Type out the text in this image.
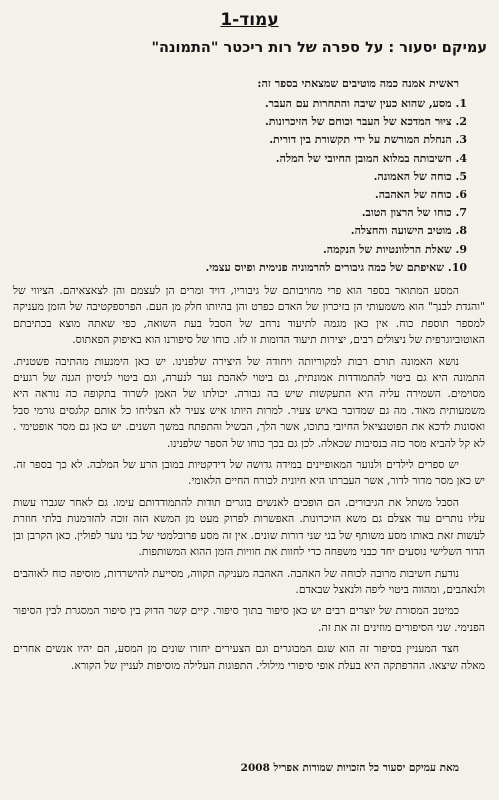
עמוד-1
עמיקם יסעור : על ספרה של רות ריכטר "התמונה"
ראשית אמנה כמה מוטיבים שמצאתי בספר זה:
1. מסע, שהוא כעין שיבה והתחרות עם העבר.
2. ציוּר המדכא של העבר וכוחם של הזיכרונות.
3. הנחלת המורשת על ידי תקשורת בין דורית.
4. חשיבותה במלוא המובן החיובי של המלה.
5. כוחה של האמונה.
6. כוחה של האהבה.
7. כוחו של הרצון הטוב.
8. מוטיב הישועה והחצלה.
9. שאלת הרלוונטיות של הנקמה.
10. שאיפתם של כמה גיבורים להרמוניה פנימית ופיוס עצמי.

המסע המתואר בספר הוא פרי מחויבותם של גיבוריו, דויד ומרים הן לעצמם והן לצאצאיהם. הציווי של "והגדת לבנך" הוא משמעותי הן בזיכרון של האדם כפרט והן בהיותו חלק מן העם. הפרספקטיבה של הזמן מעניקה למספר תוספת כוח. אין כאן מגמה לתיעוד נרחב של הסבל בעת השואה, כפי שאתה מוצא בכתיבתם האוטוביוגרפית של ניצולים רבים, יצירות תיעוד הדומות זו לזו. כוחו של סיפורנו הוא באיפוק הפאתוס.

נושא האמונה תורם רבות למקוריותה ויחודה של היצירה שלפנינו. יש כאן הימנעות מהתיבה פשטנית. התמונה היא גם ביטוי להתמודדות אמונתית, גם ביטוי לאהבת נער לנערה, וגם ביטוי לניסיון הגנה של רגעים מסוימים. השמירה עליה היא התעקשות שיש בה גבורה. יכולתו של האמן לשרוד בתקופה כה נוראה היא משמעותית מאוד. מה גם שמדובר באיש צעיר. למרות היותו איש צעיר לא הצליחו כל אותם קלגסים גורמי סבל ואסונות לדכא את הפוטנציאל החיובי בתוכו, אשר הלך, הבשיל והתפתח במשך השנים. יש כאן גם מסר אופטימי . לא קל להביא מסר כזה בנסיבות שכאלה. לכן גם בכך כוחו של הספר שלפנינו.

יש ספרים לילדים ולנוער המאופיינים במידה גדושה של דידקטיות במובן הרע של המלבה. לא כך בספר זה. יש כאן מסר מדור לדור, אשר העברתו היא חיונית לכורח החיים הלאומי.

הסבל משתל את הגיבורים. הם הופכים לאנשים בוגרים תודות להתמודדותם עימו. גם לאחר שגברו עשות עליו נותרים עוד אצלם גם משא הזיכרונות. האפשרות לפרוק מעט מן המשא הזה זוכה להזדמנות בלתי חוזרת לעשות זאת באותו מסע משותף של בני שני דורות שונים. אין זה מסע פרובלמטי של בני נוער לפולין. כאן הקרבן ובן הדור השלישי נוסעים יחד כבני משפחה כדי לחוות את חוויות הזמן ההוא המשותפות.

נודעת חשיבות מרובה לכוחה של האהבה. האהבה מעניקה תקווה, מסייעת להישרדות, מוסיפה כוח לאוהבים ולנאהבים, ומהווה ביטוי ליפה ולנאצל שבאדם.

כמיטב המסורת של יוצרים רבים יש כאן סיפור בתוך סיפור. קיים קשר הדוק בין סיפור המסגרת לבין הסיפור הפנימי. שני הסיפורים מוזינים זה את זה.

חצד המעניין בסיפור זה הוא שגם המבוגרים וגם הצעירים יחזרו שונים מן המסע, הם יהיו אנשים אחרים מאלה שיצאו. ההרפתקה היא בעלת אופי סיפורי מילולי. התפוגות העלילה מוסיפות לעניין של הקורא.

מאת עמיקם יסעור כל הזכויות שמורות אפריל 2008
